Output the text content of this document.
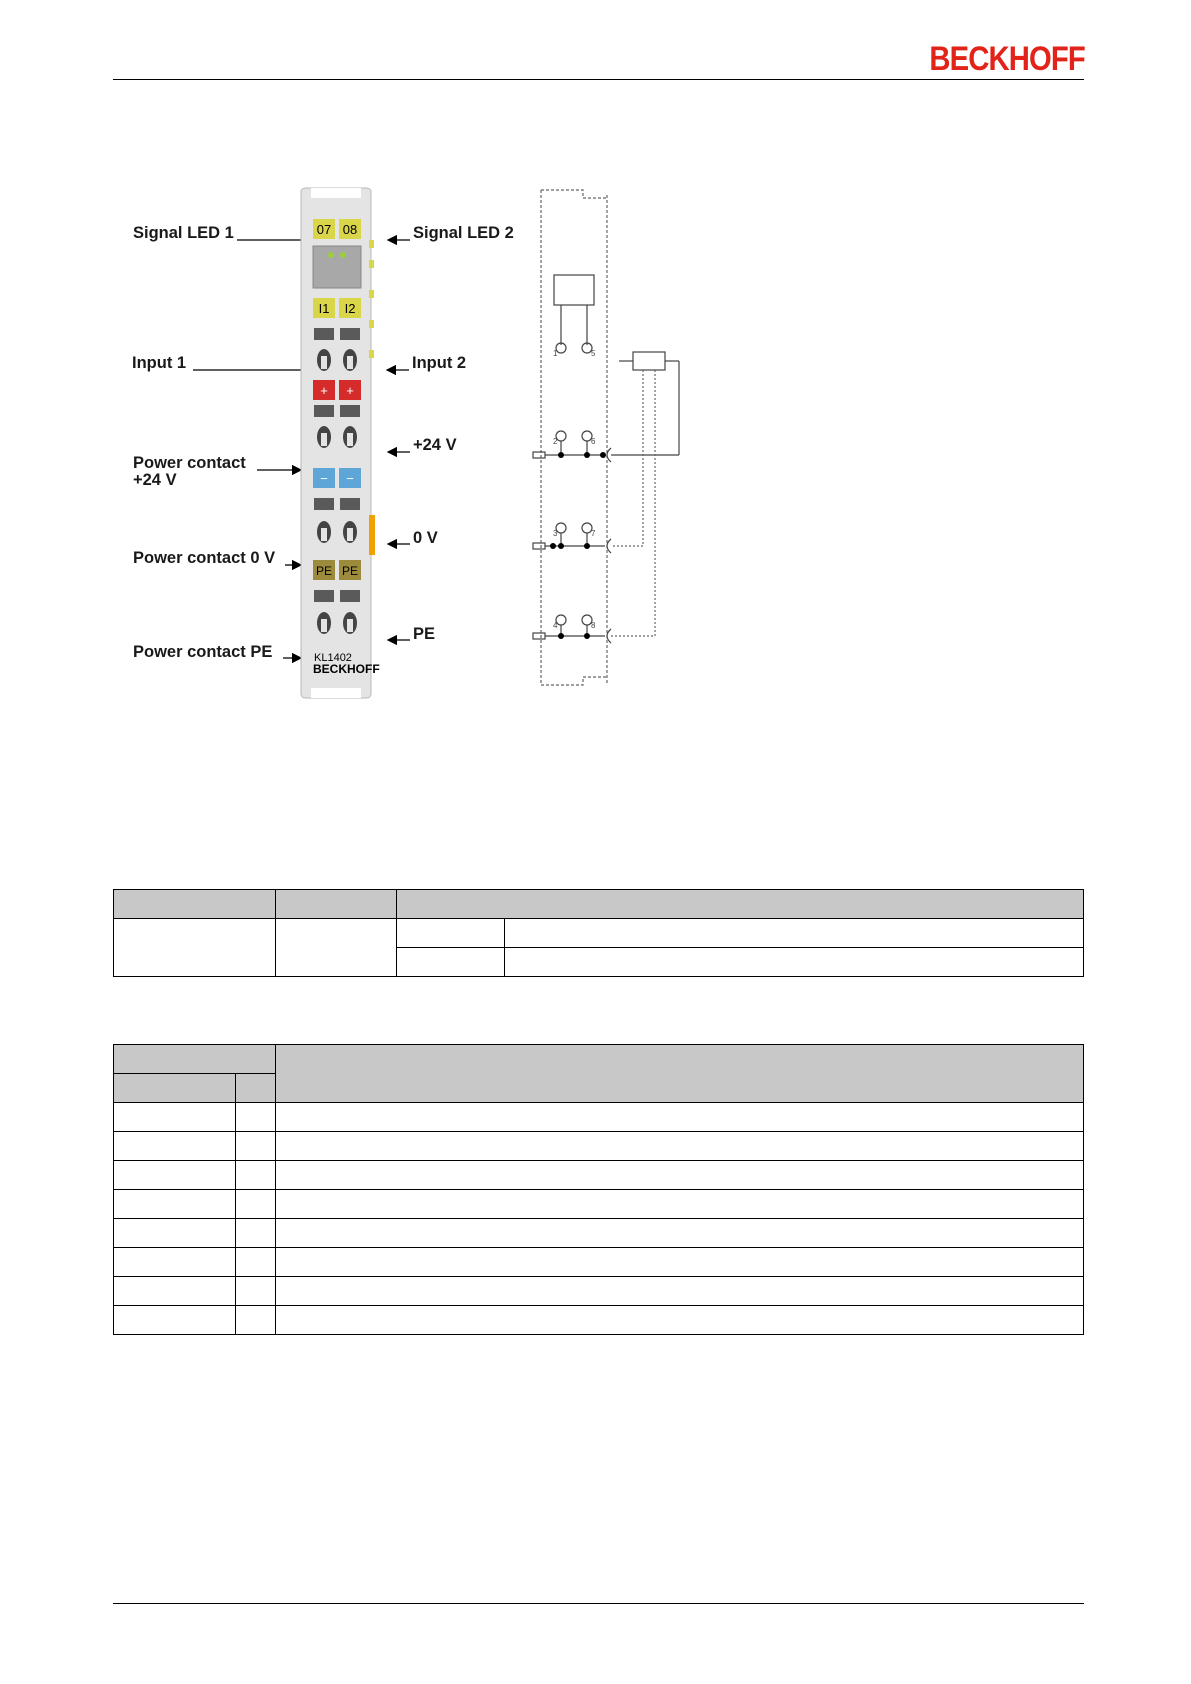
BECKHOFF
Signal LED 1	Signal LED 2
Input 1	Input 2
Power contact
+24 V
+24 V
Power contact 0 V
0 V
Power contact PE
PE
07 08
I1 I2
+ +
− −
PE PE
KL1402
BECKHOFF
1	5
2	6
3	7
4	8
